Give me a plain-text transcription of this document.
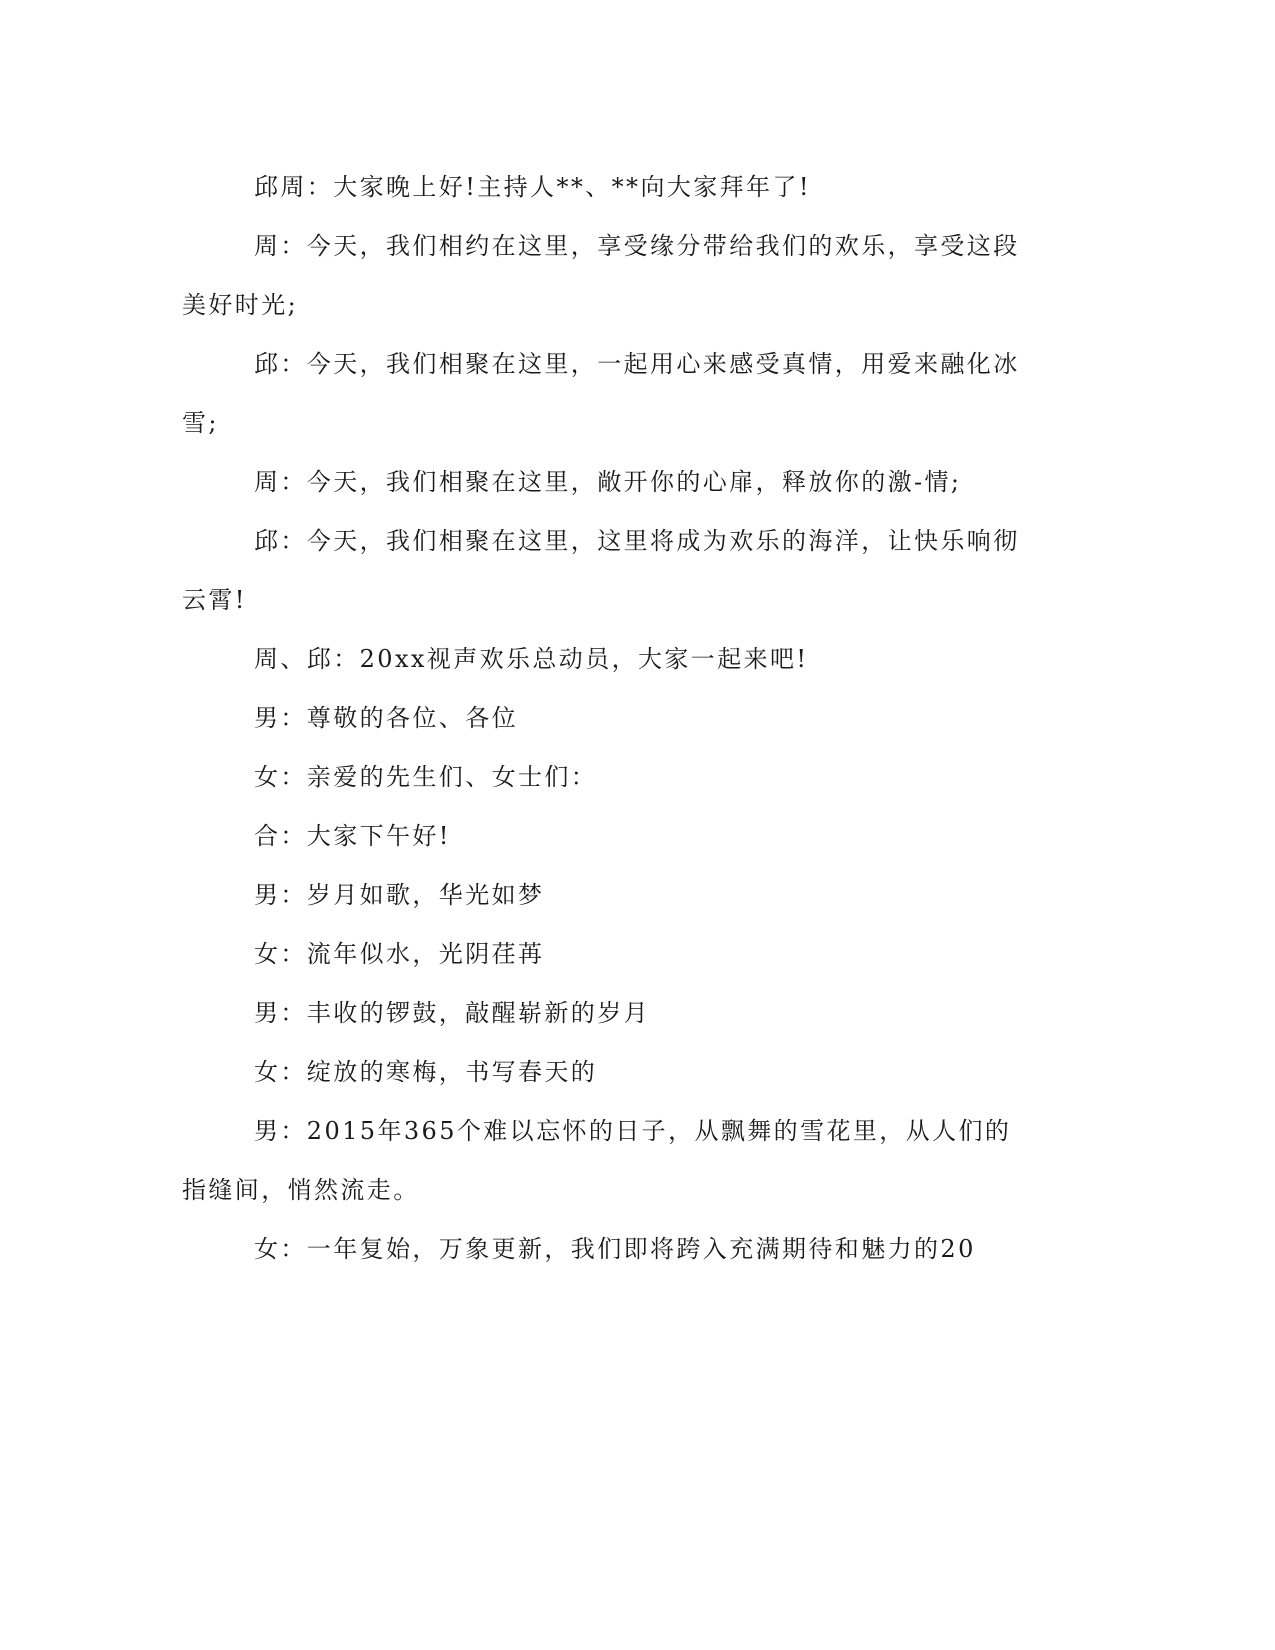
邱周：大家晚上好!主持人**、**向大家拜年了!

周：今天，我们相约在这里，享受缘分带给我们的欢乐，享受这段美好时光;

邱：今天，我们相聚在这里，一起用心来感受真情，用爱来融化冰雪;

周：今天，我们相聚在这里，敞开你的心扉，释放你的激-情;

邱：今天，我们相聚在这里，这里将成为欢乐的海洋，让快乐响彻云霄!

周、邱：20xx视声欢乐总动员，大家一起来吧!

男：尊敬的各位、各位

女：亲爱的先生们、女士们：

合：大家下午好!

男：岁月如歌，华光如梦

女：流年似水，光阴荏苒

男：丰收的锣鼓，敲醒崭新的岁月

女：绽放的寒梅，书写春天的

男：2015年365个难以忘怀的日子，从飘舞的雪花里，从人们的指缝间，悄然流走。

女：一年复始，万象更新，我们即将跨入充满期待和魅力的20
